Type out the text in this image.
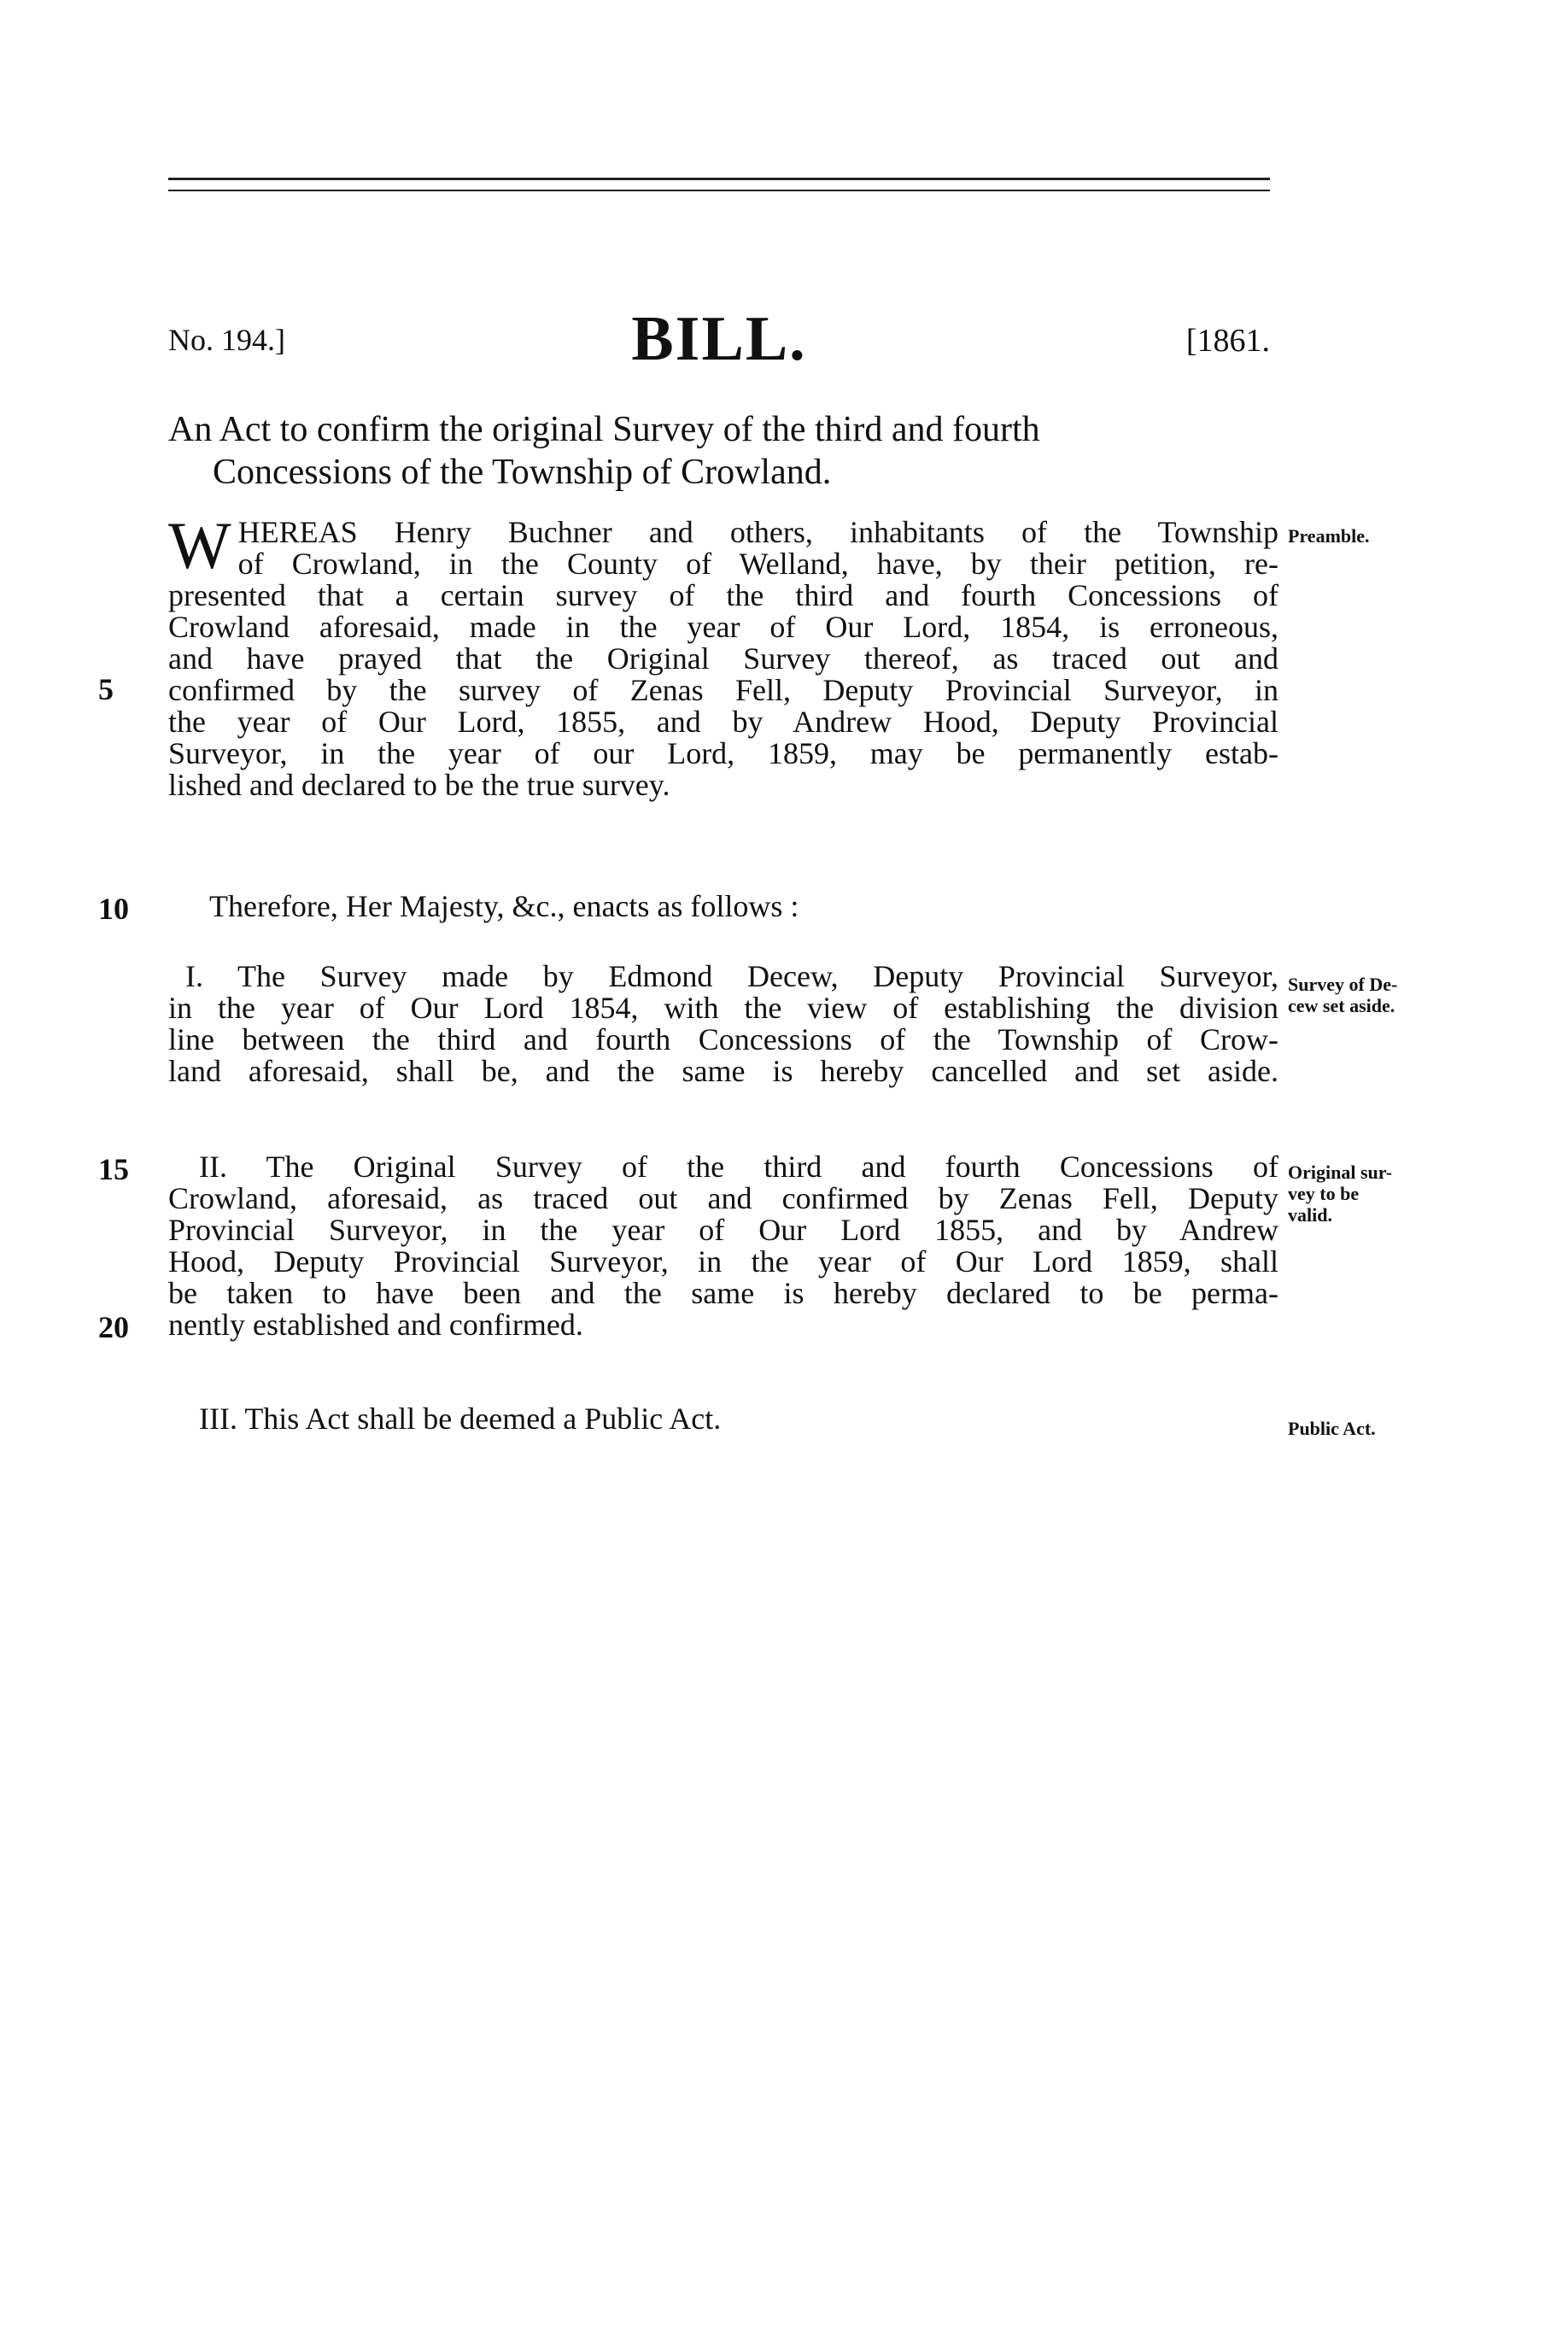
No. 194.]	BILL.	[1861.
An Act to confirm the original Survey of the third and fourth
Concessions of the Township of Crowland.
W HEREAS Henry Buchner and others, inhabitants of the Township
of Crowland, in the County of Welland, have, by their petition, re-
presented that a certain survey of the third and fourth Concessions of
Crowland aforesaid, made in the year of Our Lord, 1854, is erroneous,
and have prayed that the Original Survey thereof, as traced out and
confirmed by the survey of Zenas Fell, Deputy Provincial Surveyor, in
the year of Our Lord, 1855, and by Andrew Hood, Deputy Provincial
Surveyor, in the year of our Lord, 1859, may be permanently estab-
lished and declared to be the true survey.
Preamble.
5
Therefore, Her Majesty, &c., enacts as follows :
10
I. The Survey made by Edmond Decew, Deputy Provincial Surveyor,
in the year of Our Lord 1854, with the view of establishing the division
line between the third and fourth Concessions of the Township of Crow-
land aforesaid, shall be, and the same is hereby cancelled and set aside.
Survey of De-
cew set aside.
II. The Original Survey of the third and fourth Concessions of
Crowland, aforesaid, as traced out and confirmed by Zenas Fell, Deputy
Provincial Surveyor, in the year of Our Lord 1855, and by Andrew
Hood, Deputy Provincial Surveyor, in the year of Our Lord 1859, shall
be taken to have been and the same is hereby declared to be perma-
nently established and confirmed.
15
20
Original sur-
vey to be
valid.
III. This Act shall be deemed a Public Act.	Public Act.
